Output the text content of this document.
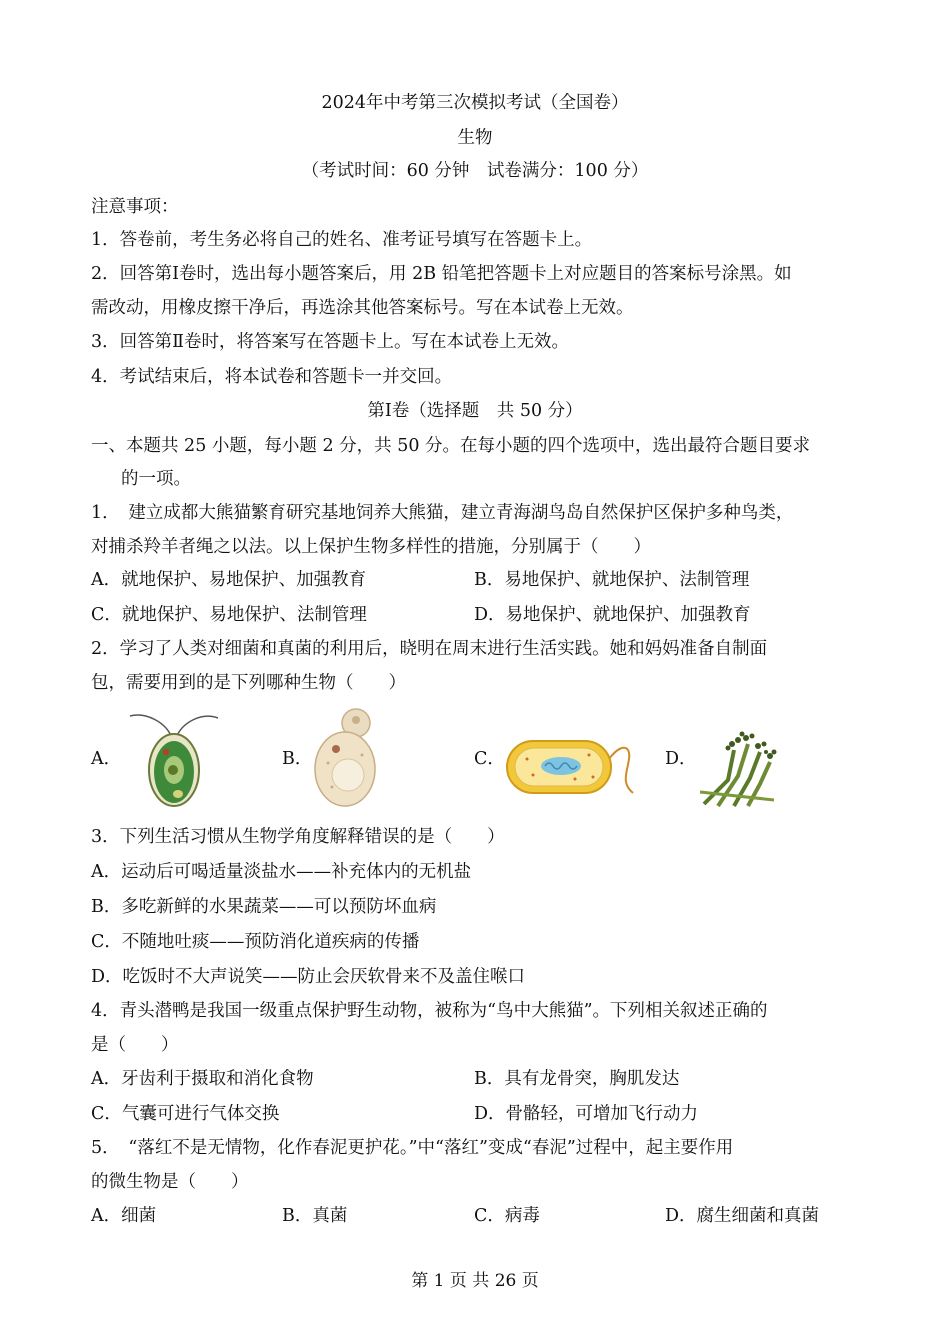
2024年中考第三次模拟考试（全国卷）
生物
（考试时间：60 分钟　试卷满分：100 分）
注意事项：
1．答卷前，考生务必将自己的姓名、准考证号填写在答题卡上。
2．回答第Ⅰ卷时，选出每小题答案后，用 2B 铅笔把答题卡上对应题目的答案标号涂黑。如
需改动，用橡皮擦干净后，再选涂其他答案标号。写在本试卷上无效。
3．回答第Ⅱ卷时，将答案写在答题卡上。写在本试卷上无效。
4．考试结束后，将本试卷和答题卡一并交回。
第Ⅰ卷（选择题　共 50 分）
一、本题共 25 小题，每小题 2 分，共 50 分。在每小题的四个选项中，选出最符合题目要求
的一项。
1．　建立成都大熊猫繁育研究基地饲养大熊猫，建立青海湖鸟岛自然保护区保护多种鸟类，
对捕杀羚羊者绳之以法。以上保护生物多样性的措施，分别属于（　　）
A．就地保护、易地保护、加强教育	B．易地保护、就地保护、法制管理
C．就地保护、易地保护、法制管理	D．易地保护、就地保护、加强教育
2．学习了人类对细菌和真菌的利用后，晓明在周末进行生活实践。她和妈妈准备自制面
包，需要用到的是下列哪种生物（　　）
A．	B．	C．	D．
3．下列生活习惯从生物学角度解释错误的是（　　）
A．运动后可喝适量淡盐水——补充体内的无机盐
B．多吃新鲜的水果蔬菜——可以预防坏血病
C．不随地吐痰——预防消化道疾病的传播
D．吃饭时不大声说笑——防止会厌软骨来不及盖住喉口
4．青头潜鸭是我国一级重点保护野生动物，被称为“鸟中大熊猫”。下列相关叙述正确的
是（　　）
A．牙齿利于摄取和消化食物	B．具有龙骨突，胸肌发达
C．气囊可进行气体交换	D．骨骼轻，可增加飞行动力
5．　“落红不是无情物，化作春泥更护花。”中“落红”变成“春泥”过程中，起主要作用
的微生物是（　　）
A．细菌	B．真菌	C．病毒	D．腐生细菌和真菌
第 1 页 共 26 页
